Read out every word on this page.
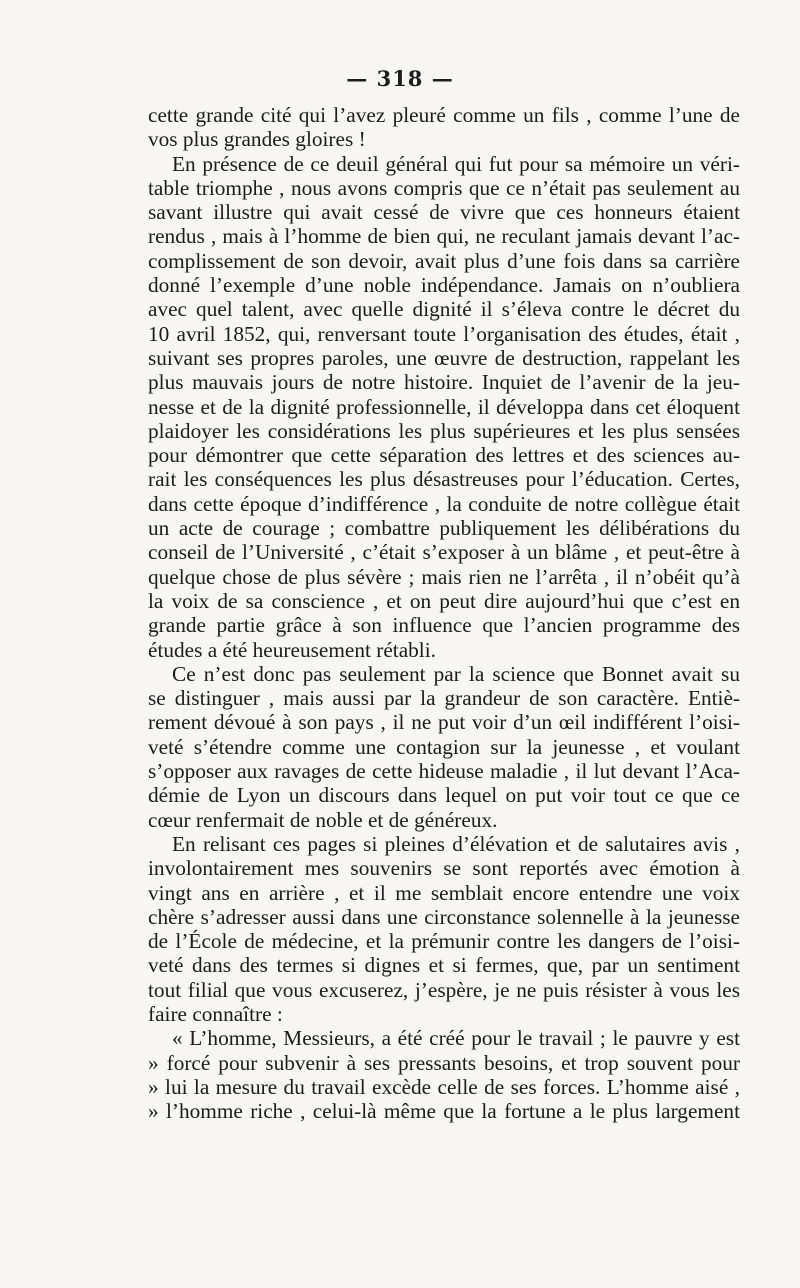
— 318 —
cette grande cité qui l’avez pleuré comme un fils , comme l’une de
vos plus grandes gloires !
En présence de ce deuil général qui fut pour sa mémoire un véri-
table triomphe , nous avons compris que ce n’était pas seulement au
savant illustre qui avait cessé de vivre que ces honneurs étaient
rendus , mais à l’homme de bien qui, ne reculant jamais devant l’ac-
complissement de son devoir, avait plus d’une fois dans sa carrière
donné l’exemple d’une noble indépendance. Jamais on n’oubliera
avec quel talent, avec quelle dignité il s’éleva contre le décret du
10 avril 1852, qui, renversant toute l’organisation des études, était ,
suivant ses propres paroles, une œuvre de destruction, rappelant les
plus mauvais jours de notre histoire. Inquiet de l’avenir de la jeu-
nesse et de la dignité professionnelle, il développa dans cet éloquent
plaidoyer les considérations les plus supérieures et les plus sensées
pour démontrer que cette séparation des lettres et des sciences au-
rait les conséquences les plus désastreuses pour l’éducation. Certes,
dans cette époque d’indifférence , la conduite de notre collègue était
un acte de courage ; combattre publiquement les délibérations du
conseil de l’Université , c’était s’exposer à un blâme , et peut-être à
quelque chose de plus sévère ; mais rien ne l’arrêta , il n’obéit qu’à
la voix de sa conscience , et on peut dire aujourd’hui que c’est en
grande partie grâce à son influence que l’ancien programme des
études a été heureusement rétabli.
Ce n’est donc pas seulement par la science que Bonnet avait su
se distinguer , mais aussi par la grandeur de son caractère. Entiè-
rement dévoué à son pays , il ne put voir d’un œil indifférent l’oisi-
veté s’étendre comme une contagion sur la jeunesse , et voulant
s’opposer aux ravages de cette hideuse maladie , il lut devant l’Aca-
démie de Lyon un discours dans lequel on put voir tout ce que ce
cœur renfermait de noble et de généreux.
En relisant ces pages si pleines d’élévation et de salutaires avis ,
involontairement mes souvenirs se sont reportés avec émotion à
vingt ans en arrière , et il me semblait encore entendre une voix
chère s’adresser aussi dans une circonstance solennelle à la jeunesse
de l’École de médecine, et la prémunir contre les dangers de l’oisi-
veté dans des termes si dignes et si fermes, que, par un sentiment
tout filial que vous excuserez, j’espère, je ne puis résister à vous les
faire connaître :
« L’homme, Messieurs, a été créé pour le travail ; le pauvre y est
» forcé pour subvenir à ses pressants besoins, et trop souvent pour
» lui la mesure du travail excède celle de ses forces. L’homme aisé ,
» l’homme riche , celui-là même que la fortune a le plus largement
